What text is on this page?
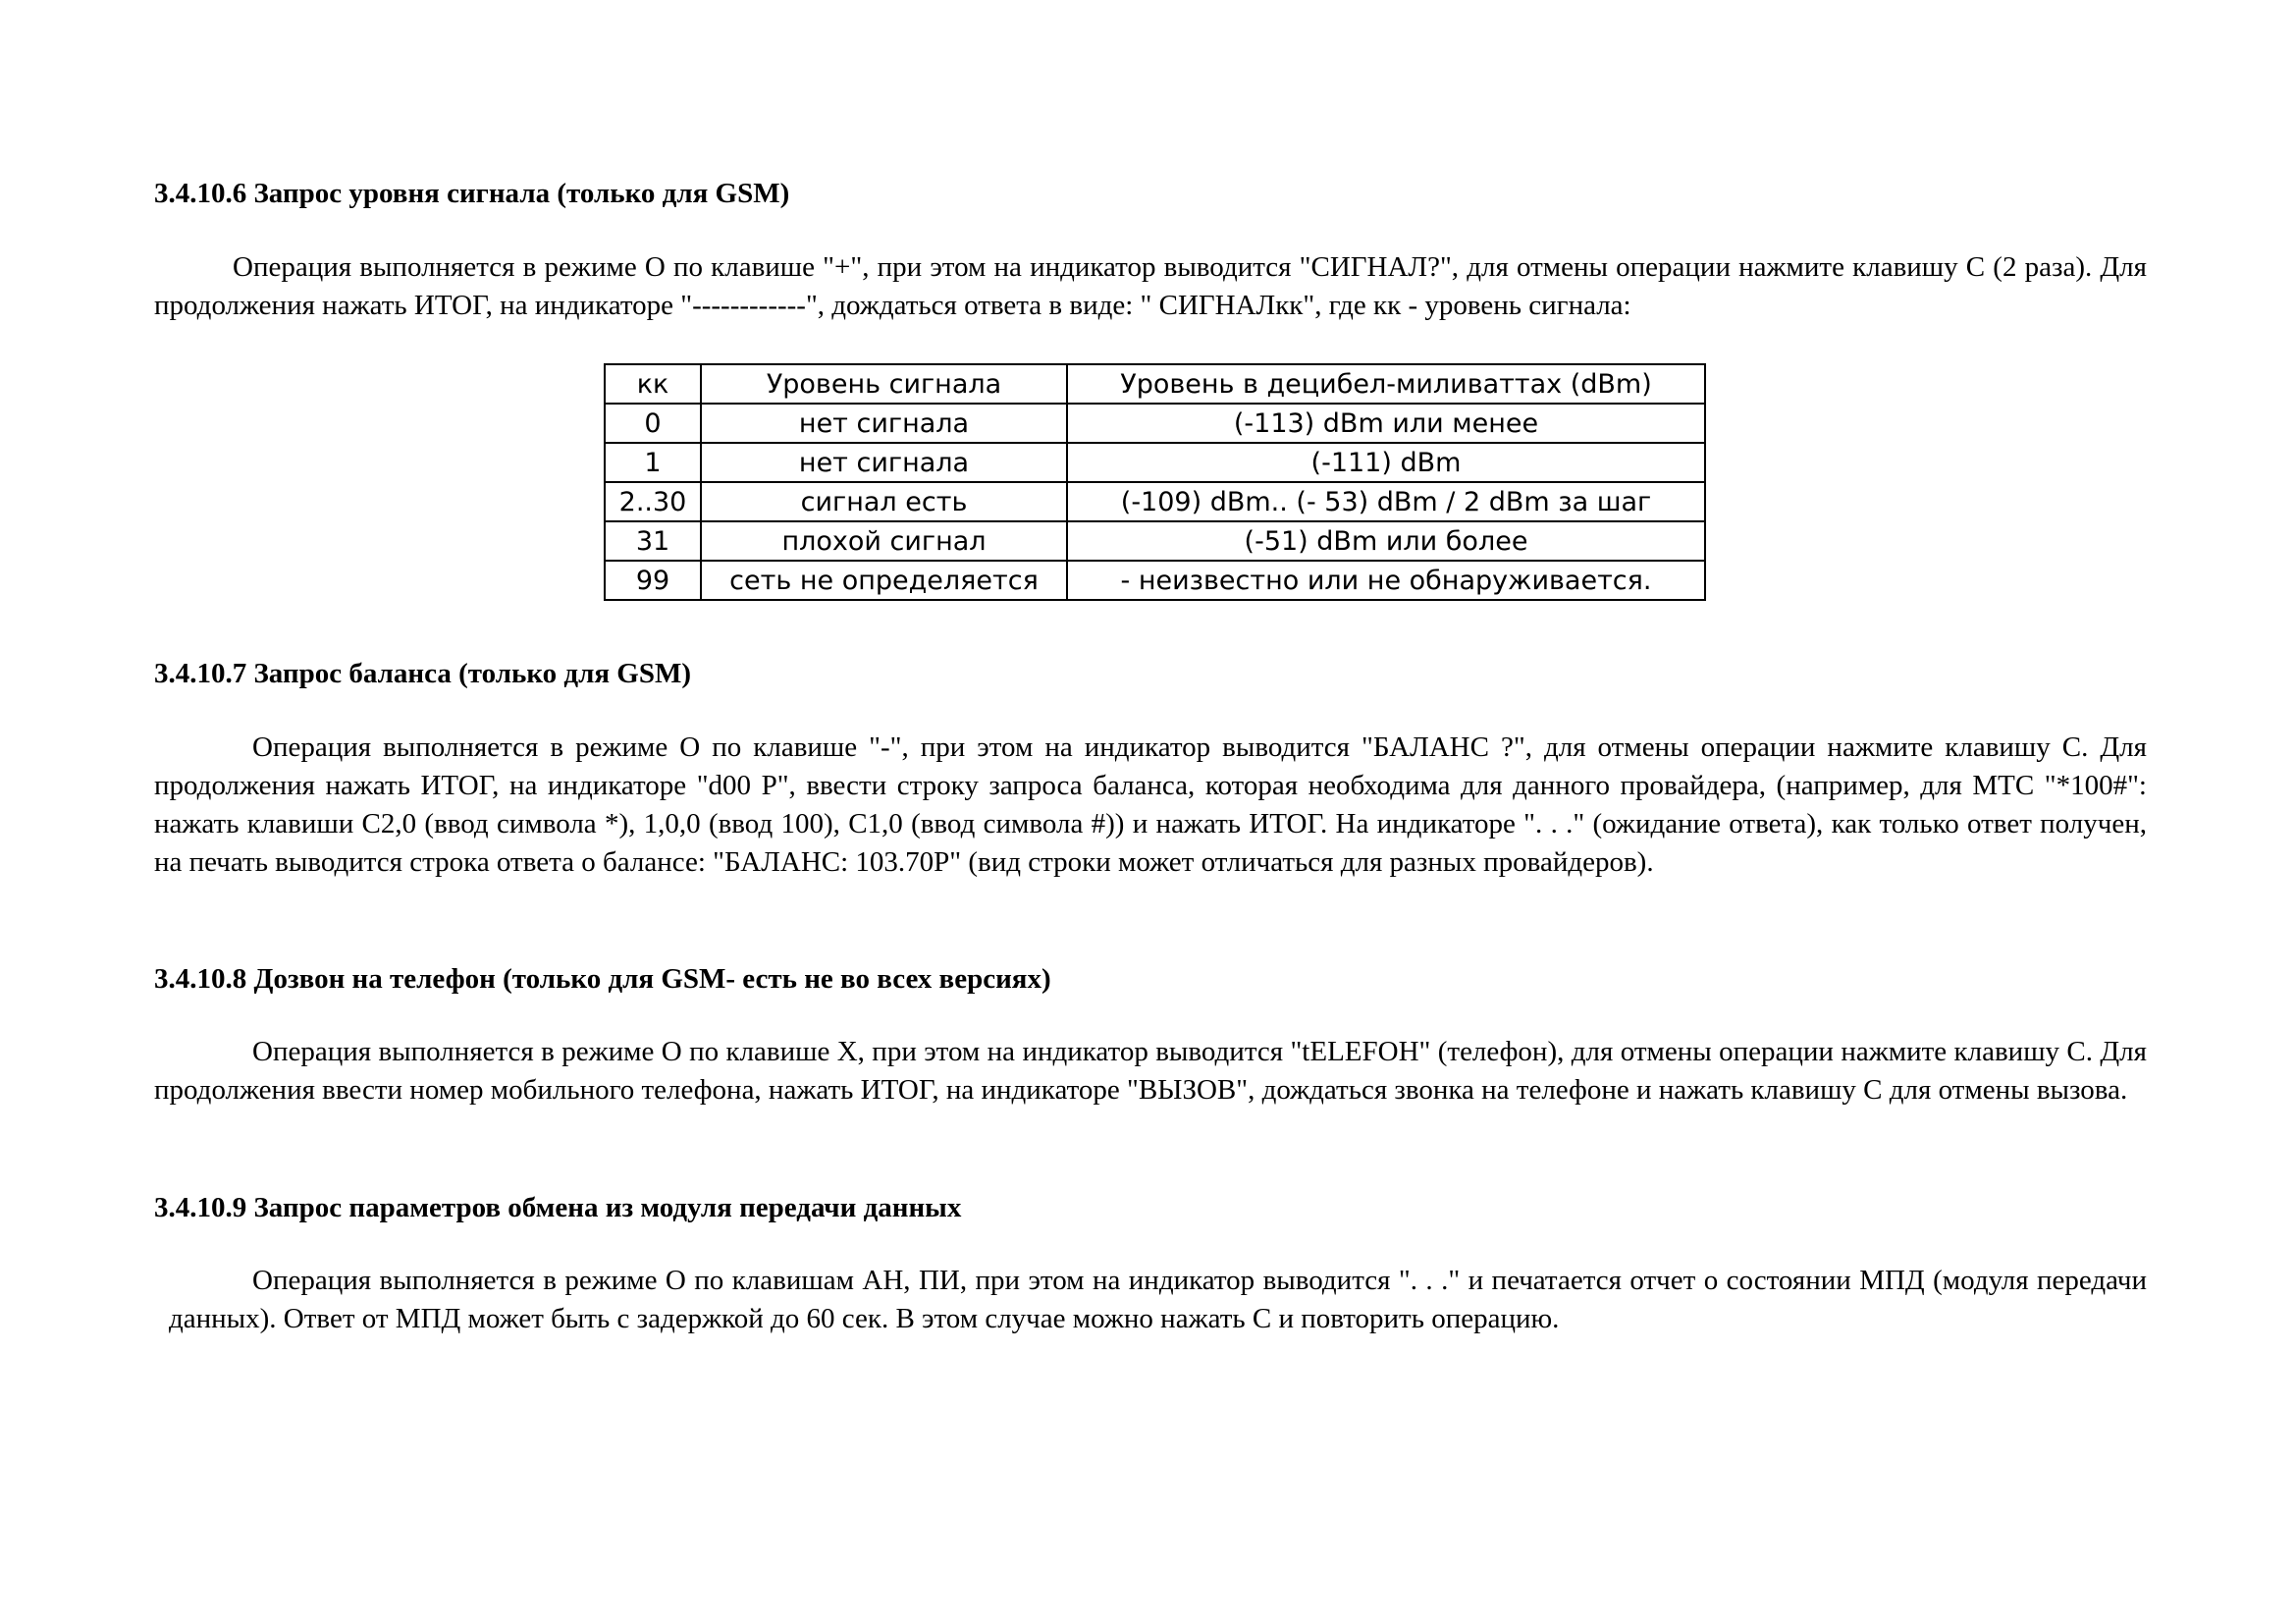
3.4.10.6 Запрос уровня сигнала (только для GSM)
Операция выполняется в режиме О по клавише "+", при этом на индикатор выводится "СИГНАЛ?", для отмены операции нажмите клавишу С (2 раза). Для продолжения нажать ИТОГ, на индикаторе "------------", дождаться ответа в виде: " СИГНАЛкк", где кк - уровень сигнала:
кк	Уровень сигнала	Уровень в децибел-миливаттах (dBm)
0	нет сигнала	(-113) dBm или менее
1	нет сигнала	(-111) dBm
2..30	сигнал есть	(-109) dBm.. (- 53) dBm / 2 dBm за шаг
31	плохой сигнал	(-51) dBm или более
99	сеть не определяется	- неизвестно или не обнаруживается.
3.4.10.7 Запрос баланса (только для GSM)
Операция выполняется в режиме О по клавише "-", при этом на индикатор выводится "БАЛАНС ?", для отмены операции нажмите клавишу С. Для продолжения нажать ИТОГ, на индикаторе "d00 Р", ввести строку запроса баланса, которая необходима для данного провайдера, (например, для МТС "*100#": нажать клавиши С2,0 (ввод символа *), 1,0,0 (ввод 100), С1,0 (ввод символа #)) и нажать ИТОГ. На индикаторе ". . ." (ожидание ответа), как только ответ получен, на печать выводится строка ответа о балансе: "БАЛАНС: 103.70Р" (вид строки может отличаться для разных провайдеров).
3.4.10.8 Дозвон на телефон (только для GSM- есть не во всех версиях)
Операция выполняется в режиме О по клавише Х, при этом на индикатор выводится "tЕLЕFОН" (телефон), для отмены операции нажмите клавишу С. Для продолжения ввести номер мобильного телефона, нажать ИТОГ, на индикаторе "ВЫЗОВ", дождаться звонка на телефоне и нажать клавишу С для отмены вызова.
3.4.10.9 Запрос параметров обмена из модуля передачи данных
Операция выполняется в режиме О по клавишам АН, ПИ, при этом на индикатор выводится ". . ." и печатается отчет о состоянии МПД (модуля передачи данных). Ответ от МПД может быть с задержкой до 60 сек. В этом случае можно нажать С и повторить операцию.
